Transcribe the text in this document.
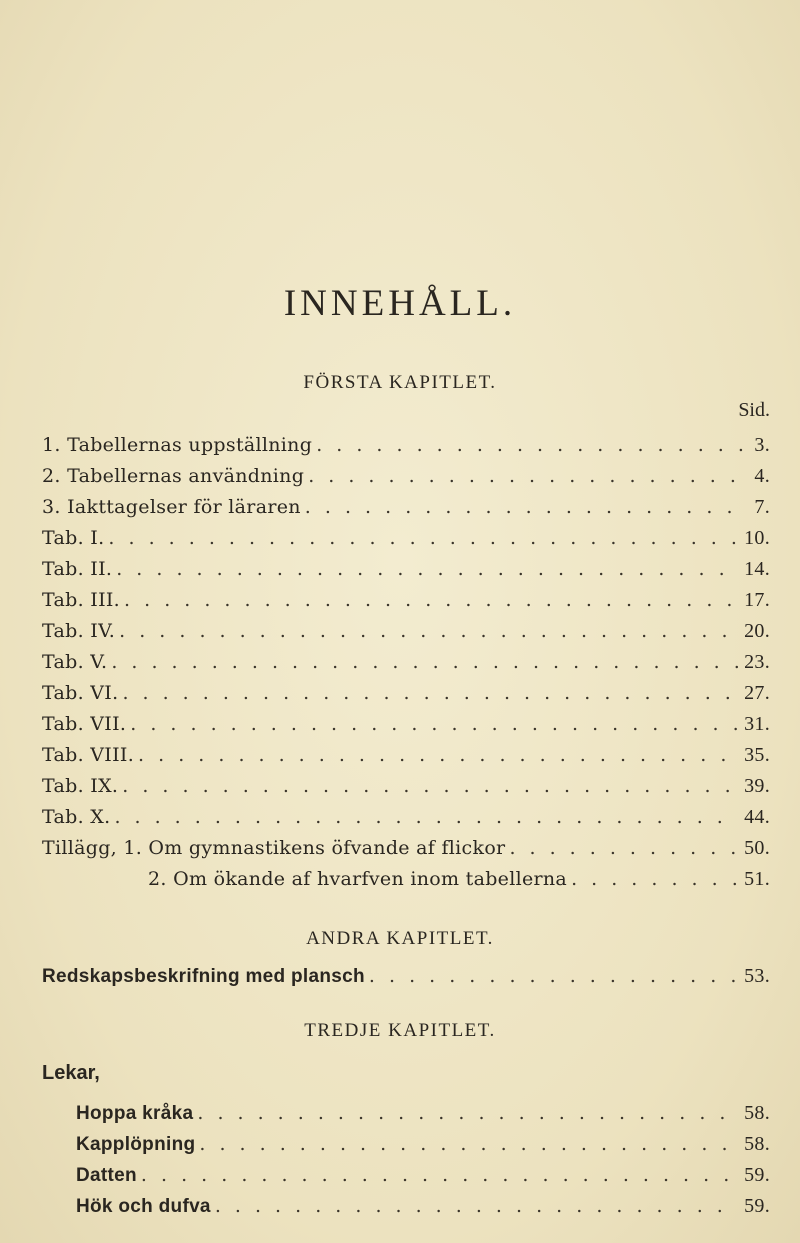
INNEHÅLL.
FÖRSTA KAPITLET.
Sid.
1. Tabellernas uppställning . . .	3.
2. Tabellernas användning . . .	4.
3. Iakttagelser för läraren . . .	7.
Tab. I. . . .	10.
Tab. II. . . .	14.
Tab. III. . . .	17.
Tab. IV. . . .	20.
Tab. V. . . .	23.
Tab. VI. . . .	27.
Tab. VII. . . .	31.
Tab. VIII. . . .	35.
Tab. IX. . . .	39.
Tab. X. . . .	44.
Tillägg, 1. Om gymnastikens öfvande af flickor . . .	50.
2. Om ökande af hvarfven inom tabellerna . . .	51.
ANDRA KAPITLET.
Redskapsbeskrifning med plansch . . .	53.
TREDJE KAPITLET.
Lekar,
Hoppa kråka . . .	58.
Kapplöpning . . .	58.
Datten . . .	59.
Hök och dufva . . .	59.
